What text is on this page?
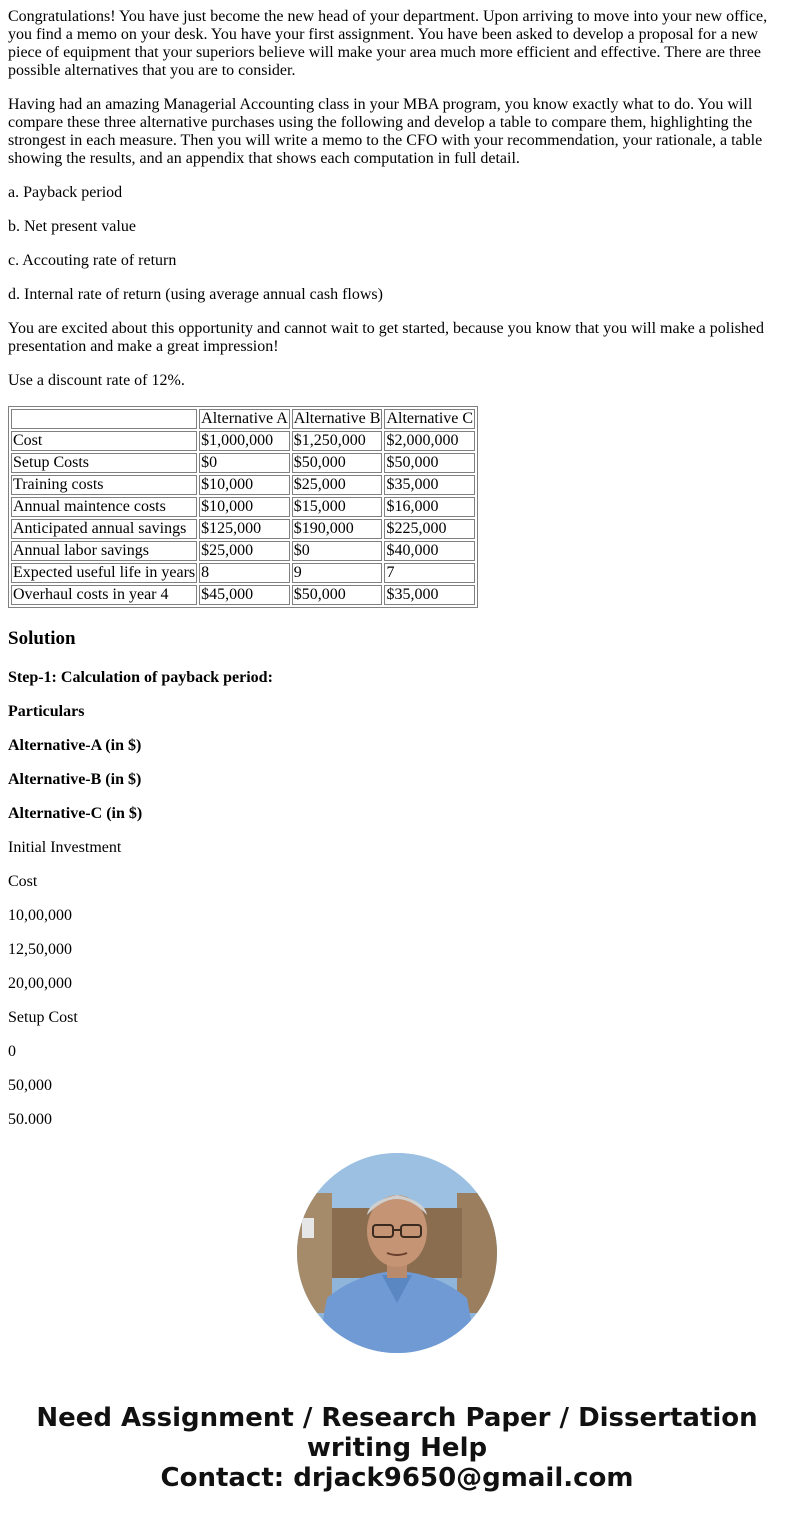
Congratulations! You have just become the new head of your department. Upon arriving to move into your new office, you find a memo on your desk. You have your first assignment. You have been asked to develop a proposal for a new piece of equipment that your superiors believe will make your area much more efficient and effective. There are three possible alternatives that you are to consider.

Having had an amazing Managerial Accounting class in your MBA program, you know exactly what to do. You will compare these three alternative purchases using the following and develop a table to compare them, highlighting the strongest in each measure. Then you will write a memo to the CFO with your recommendation, your rationale, a table showing the results, and an appendix that shows each computation in full detail.

a. Payback period

b. Net present value

c. Accouting rate of return

d. Internal rate of return (using average annual cash flows)

You are excited about this opportunity and cannot wait to get started, because you know that you will make a polished presentation and make a great impression!

Use a discount rate of 12%.

	Alternative A	Alternative B	Alternative C
Cost	$1,000,000	$1,250,000	$2,000,000
Setup Costs	$0	$50,000	$50,000
Training costs	$10,000	$25,000	$35,000
Annual maintence costs	$10,000	$15,000	$16,000
Anticipated annual savings	$125,000	$190,000	$225,000
Annual labor savings	$25,000	$0	$40,000
Expected useful life in years	8	9	7
Overhaul costs in year 4	$45,000	$50,000	$35,000
Solution

Step-1: Calculation of payback period:

Particulars

Alternative-A (in $)

Alternative-B (in $)

Alternative-C (in $)

Initial Investment

Cost

10,00,000

12,50,000

20,00,000

Setup Cost

0

50,000

50.000

Need Assignment / Research Paper / Dissertation
writing Help
Contact: drjack9650@gmail.com
